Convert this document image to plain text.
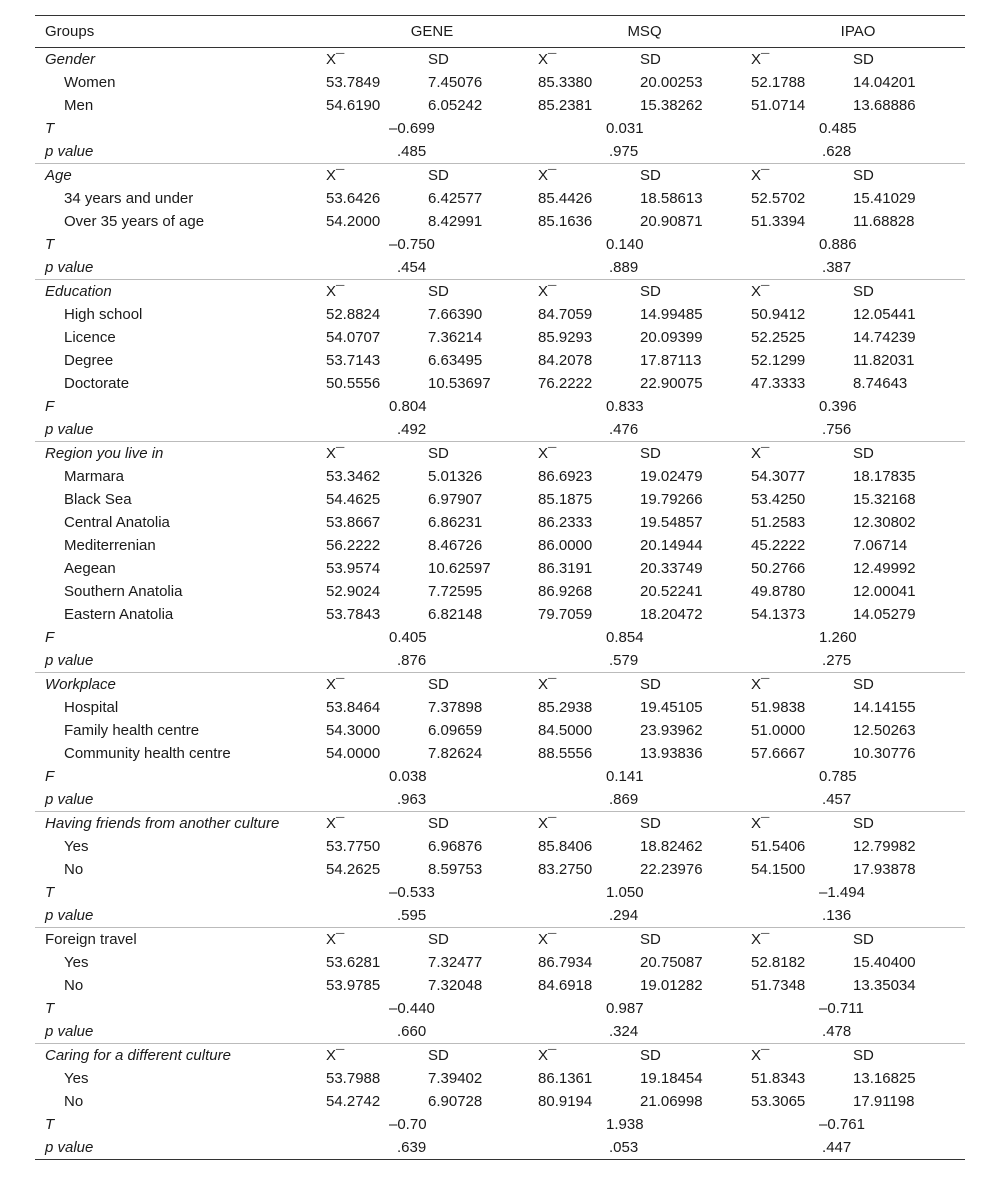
Groups	GENE		MSQ		IPAO	
Gender	X¯	SD	X¯	SD	X¯	SD
Women	53.7849	7.45076	85.3380	20.00253	52.1788	14.04201
Men	54.6190	6.05242	85.2381	15.38262	51.0714	13.68886
T	–0.699		0.031		0.485	
p value	.485		.975		.628	
Age	X¯	SD	X¯	SD	X¯	SD
34 years and under	53.6426	6.42577	85.4426	18.58613	52.5702	15.41029
Over 35 years of age	54.2000	8.42991	85.1636	20.90871	51.3394	11.68828
T	–0.750		0.140		0.886	
p value	.454		.889		.387	
Education	X¯	SD	X¯	SD	X¯	SD
High school	52.8824	7.66390	84.7059	14.99485	50.9412	12.05441
Licence	54.0707	7.36214	85.9293	20.09399	52.2525	14.74239
Degree	53.7143	6.63495	84.2078	17.87113	52.1299	11.82031
Doctorate	50.5556	10.53697	76.2222	22.90075	47.3333	8.74643
F	0.804		0.833		0.396	
p value	.492		.476		.756	
Region you live in	X¯	SD	X¯	SD	X¯	SD
Marmara	53.3462	5.01326	86.6923	19.02479	54.3077	18.17835
Black Sea	54.4625	6.97907	85.1875	19.79266	53.4250	15.32168
Central Anatolia	53.8667	6.86231	86.2333	19.54857	51.2583	12.30802
Mediterrenian	56.2222	8.46726	86.0000	20.14944	45.2222	7.06714
Aegean	53.9574	10.62597	86.3191	20.33749	50.2766	12.49992
Southern Anatolia	52.9024	7.72595	86.9268	20.52241	49.8780	12.00041
Eastern Anatolia	53.7843	6.82148	79.7059	18.20472	54.1373	14.05279
F	0.405		0.854		1.260	
p value	.876		.579		.275	
Workplace	X¯	SD	X¯	SD	X¯	SD
Hospital	53.8464	7.37898	85.2938	19.45105	51.9838	14.14155
Family health centre	54.3000	6.09659	84.5000	23.93962	51.0000	12.50263
Community health centre	54.0000	7.82624	88.5556	13.93836	57.6667	10.30776
F	0.038		0.141		0.785	
p value	.963		.869		.457	
Having friends from another culture	X¯	SD	X¯	SD	X¯	SD
Yes	53.7750	6.96876	85.8406	18.82462	51.5406	12.79982
No	54.2625	8.59753	83.2750	22.23976	54.1500	17.93878
T	–0.533		1.050		–1.494	
p value	.595		.294		.136	
Foreign travel	X¯	SD	X¯	SD	X¯	SD
Yes	53.6281	7.32477	86.7934	20.75087	52.8182	15.40400
No	53.9785	7.32048	84.6918	19.01282	51.7348	13.35034
T	–0.440		0.987		–0.711	
p value	.660		.324		.478	
Caring for a different culture	X¯	SD	X¯	SD	X¯	SD
Yes	53.7988	7.39402	86.1361	19.18454	51.8343	13.16825
No	54.2742	6.90728	80.9194	21.06998	53.3065	17.91198
T	–0.70		1.938		–0.761	
p value	.639		.053		.447	
